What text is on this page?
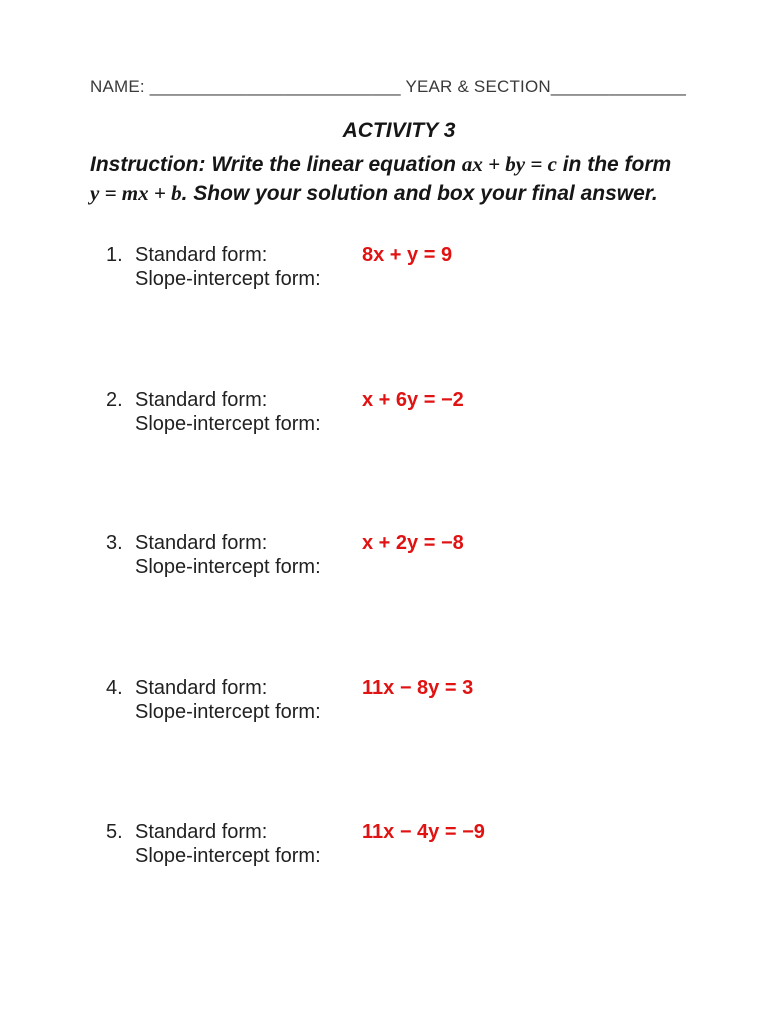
NAME: __________________________ YEAR & SECTION______________
ACTIVITY 3
Instruction: Write the linear equation ax + by = c in the form
y = mx + b. Show your solution and box your final answer.
1. Standard form:	8x + y = 9
Slope-intercept form:
2. Standard form:	x + 6y = −2
Slope-intercept form:
3. Standard form:	x + 2y = −8
Slope-intercept form:
4. Standard form:	11x − 8y = 3
Slope-intercept form:
5. Standard form:	11x − 4y = −9
Slope-intercept form:
